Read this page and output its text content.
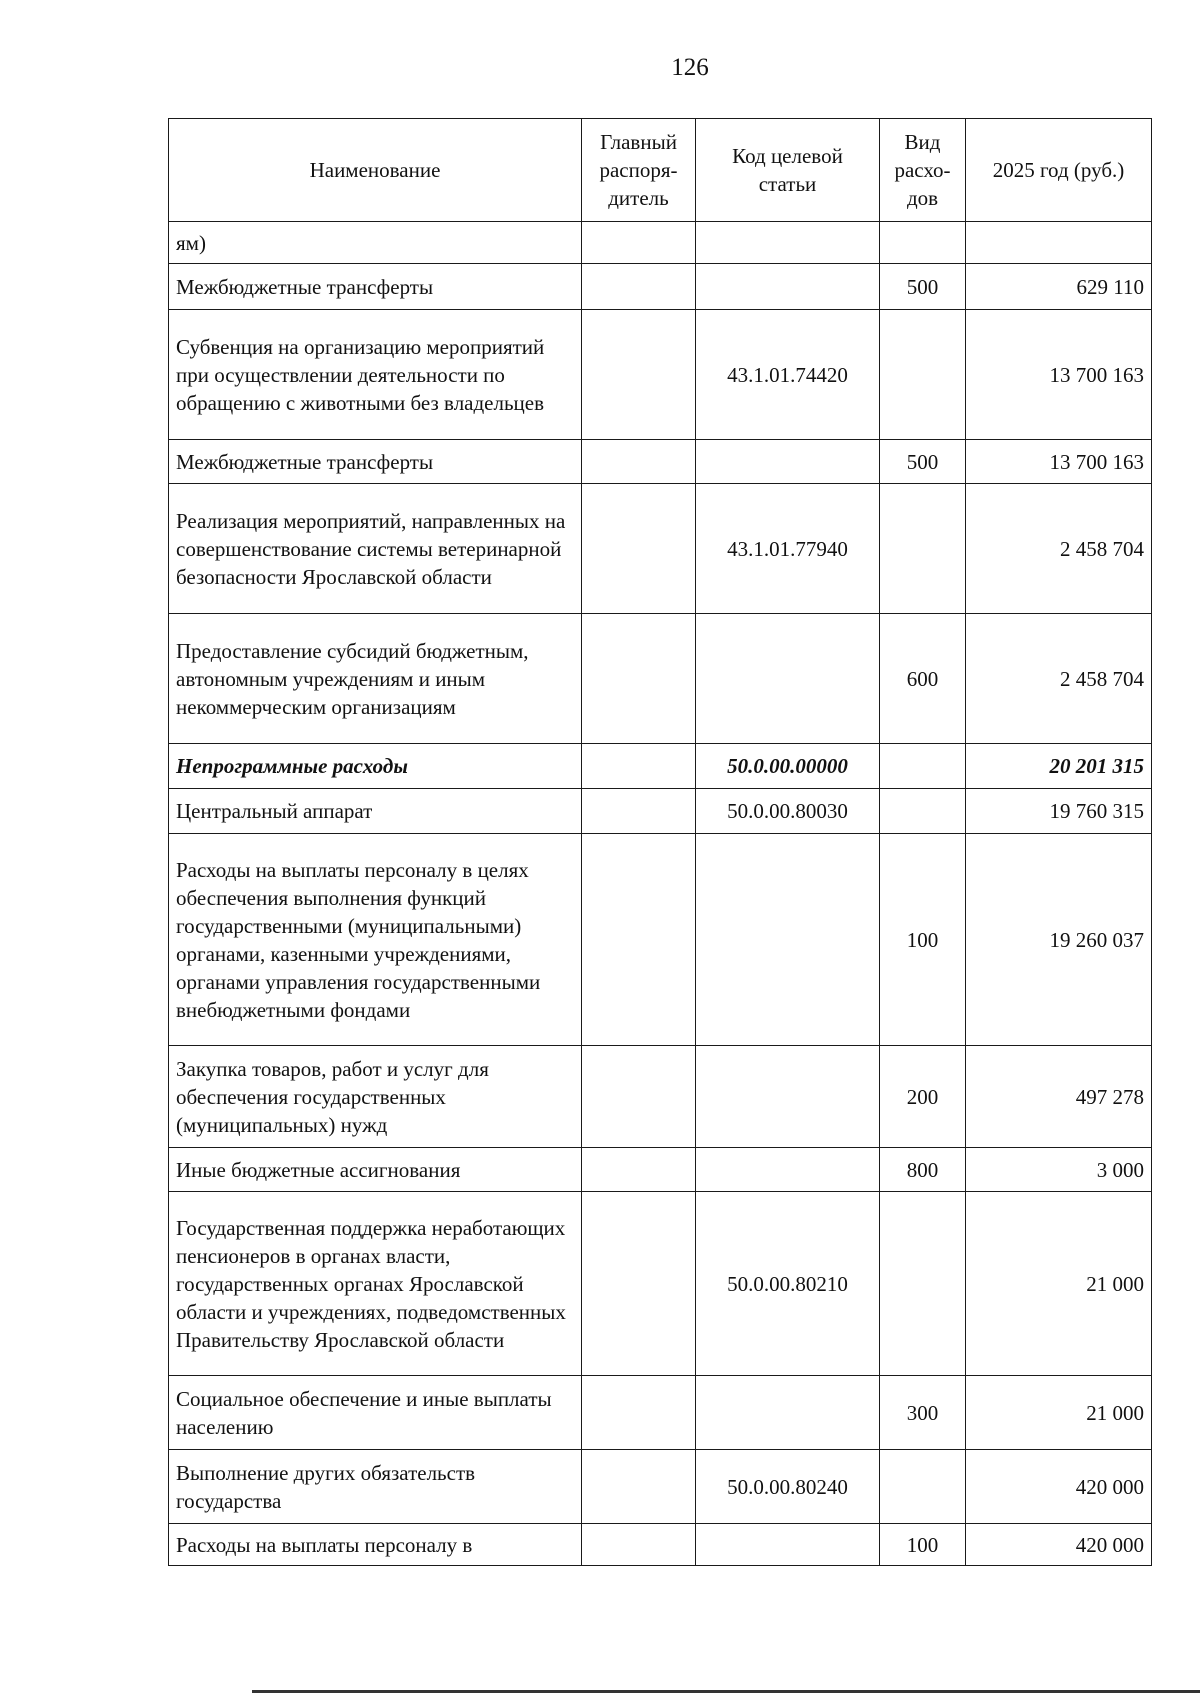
126
Наименование	Главный распоря-дитель	Код целевой статьи	Вид расхо-дов	2025 год (руб.)
ям)				
Межбюджетные трансферты			500	629 110
Субвенция на организацию мероприятий при осуществлении деятельности по обращению с животными без владельцев		43.1.01.74420		13 700 163
Межбюджетные трансферты			500	13 700 163
Реализация мероприятий, направленных на совершенствование системы ветеринарной безопасности Ярославской области		43.1.01.77940		2 458 704
Предоставление субсидий бюджетным, автономным учреждениям и иным некоммерческим организациям			600	2 458 704
Непрограммные расходы		50.0.00.00000		20 201 315
Центральный аппарат		50.0.00.80030		19 760 315
Расходы на выплаты персоналу в целях обеспечения выполнения функций государственными (муниципальными) органами, казенными учреждениями, органами управления государственными внебюджетными фондами			100	19 260 037
Закупка товаров, работ и услуг для обеспечения государственных (муниципальных) нужд			200	497 278
Иные бюджетные ассигнования			800	3 000
Государственная поддержка неработающих пенсионеров в органах власти, государственных органах Ярославской области и учреждениях, подведомственных Правительству Ярославской области		50.0.00.80210		21 000
Социальное обеспечение и иные выплаты населению			300	21 000
Выполнение других обязательств государства		50.0.00.80240		420 000
Расходы на выплаты персоналу в			100	420 000
